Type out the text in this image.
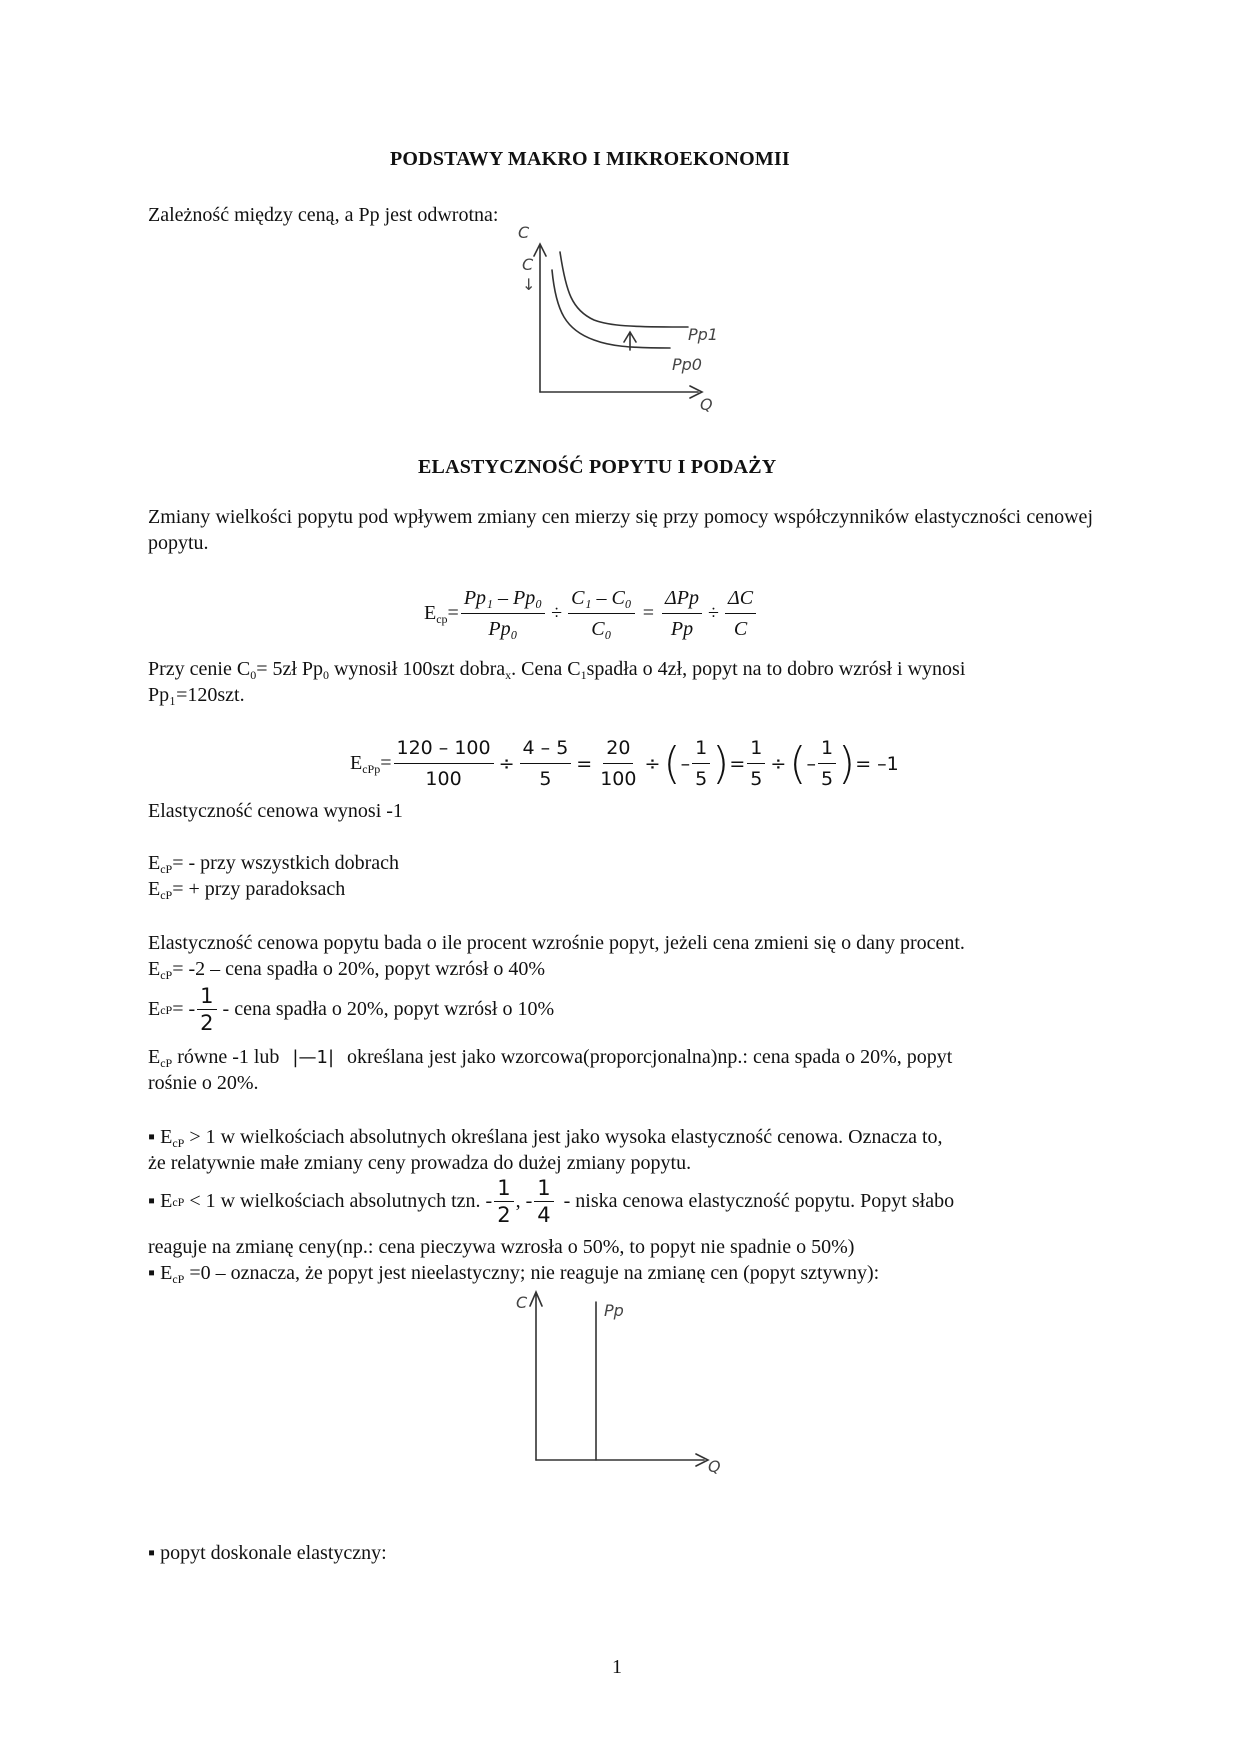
PODSTAWY MAKRO I MIKROEKONOMII
Zależność między ceną, a Pp jest odwrotna:
C
C
↓
Q
Pp1
Pp0
ELASTYCZNOŚĆ POPYTU I PODAŻY
Zmiany wielkości popytu pod wpływem zmiany cen mierzy się przy pomocy współczynników elastyczności cenowej popytu.
$E_{cp}= \frac{\text{Pp₁ – Pp₀}}{\text{Pp₀}} \div \frac{\text{C₁ – C₀}}{\text{C₀}} = \frac{\text{ΔPp}}{Pp} \div \frac{\Delta C}{C}$
Przy cenie $C_0=$ 5zł $Pp_0$ wynosił 100szt dobra$_x$. Cena $C_1spadła$ o 4zł, popyt na to dobro wzrósł i wynosi
Pp₁=120szt.
$E_{cPp}= \frac{120 - 100}{100} \div \frac{4 - 5}{5} = \frac{20}{100}$ ÷ ( – $\frac{1}{5}$ ) = $\frac{1}{5}$ ÷ ( – $\frac{1}{5}$ ) = –1
Elastyczność cenowa wynosi -1
$E_{cP}=$ - przy wszystkich dobrach
$E_{cP}=$ + przy paradoksach
Elastyczność cenowa popytu bada o ile procent wzrośnie popyt, jeżeli cena zmieni się o dany procent.
$E_{cP}= -2$ – cena spadła o 20%, popyt wzrósł o 40%
E cP = - $\frac{1}{2}$ - cena spadła o 20%, popyt wzrósł o 10%
$E_{cP}$ równe -1 lub |—1| określana jest jako wzorcowa(proporcjonalna)np.: cena spada o 20%, popyt
rośnie o 20%.
▪ $E_{cP} > 1$ w wielkościach absolutnych określana jest jako wysoka elastyczność cenowa. Oznacza to,
że relatywnie małe zmiany ceny prowadza do dużej zmiany popytu.
▪
E cP
< 1 w wielkościach absolutnych tzn. - $\frac{1}{2}$ , - $\frac{1}{4}$ - niska cenowa elastyczność popytu. Popyt słabo
reaguje na zmianę ceny(np.: cena pieczywa wzrosła o 50%, to popyt nie spadnie o 50%)
▪ $E_{cP} =0$ – oznacza, że popyt jest nieelastyczny; nie reaguje na zmianę cen (popyt sztywny):
C
Q
Pp
▪ popyt doskonale elastyczny:
1
